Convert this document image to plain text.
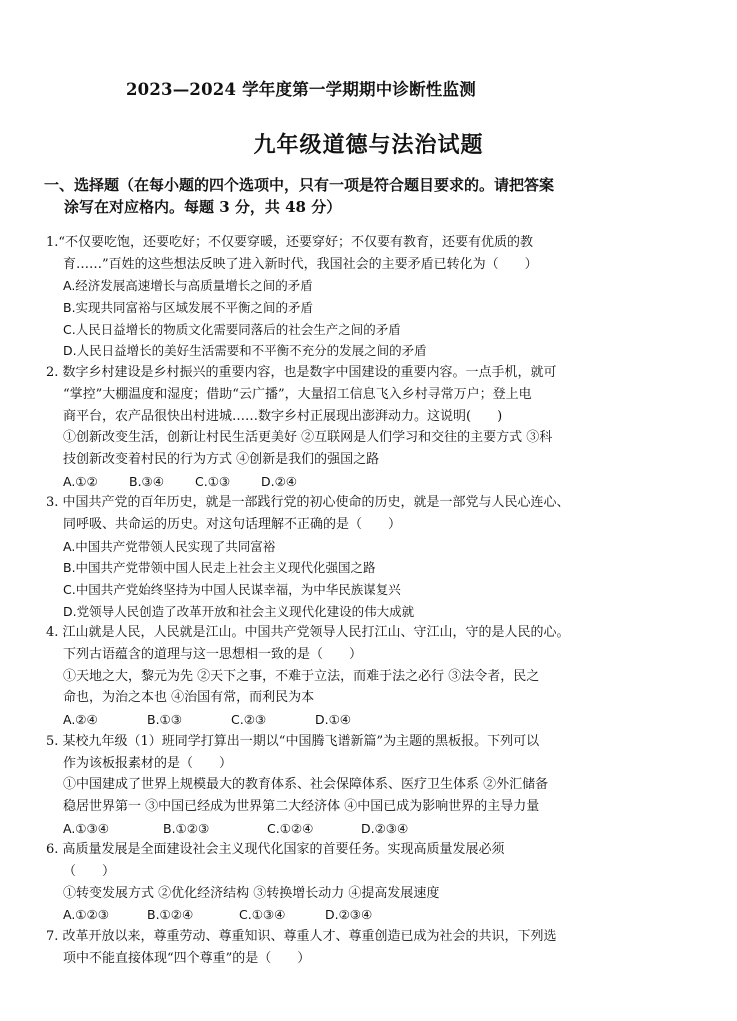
2023—2024 学年度第一学期期中诊断性监测
九年级道德与法治试题
一、选择题（在每小题的四个选项中，只有一项是符合题目要求的。请把答案
涂写在对应格内。每题 3 分，共 48 分）
1.“不仅要吃饱，还要吃好；不仅要穿暖，还要穿好；不仅要有教育，还要有优质的教
育……”百姓的这些想法反映了进入新时代，我国社会的主要矛盾已转化为（　　）
A.经济发展高速增长与高质量增长之间的矛盾
B.实现共同富裕与区域发展不平衡之间的矛盾
C.人民日益增长的物质文化需要同落后的社会生产之间的矛盾
D.人民日益增长的美好生活需要和不平衡不充分的发展之间的矛盾
2. 数字乡村建设是乡村振兴的重要内容，也是数字中国建设的重要内容。一点手机，就可
“掌控”大棚温度和湿度；借助“云广播”，大量招工信息飞入乡村寻常万户；登上电
商平台，农产品很快出村进城……数字乡村正展现出澎湃动力。这说明(　　)
①创新改变生活，创新让村民生活更美好 ②互联网是人们学习和交往的主要方式 ③科
技创新改变着村民的行为方式 ④创新是我们的强国之路
A.①②	B.③④	C.①③	D.②④
3. 中国共产党的百年历史，就是一部践行党的初心使命的历史，就是一部党与人民心连心、
同呼吸、共命运的历史。对这句话理解不正确的是（　　）
A.中国共产党带领人民实现了共同富裕
B.中国共产党带领中国人民走上社会主义现代化强国之路
C.中国共产党始终坚持为中国人民谋幸福，为中华民族谋复兴
D.党领导人民创造了改革开放和社会主义现代化建设的伟大成就
4. 江山就是人民，人民就是江山。中国共产党领导人民打江山、守江山，守的是人民的心。
下列古语蕴含的道理与这一思想相一致的是（　　）
①天地之大，黎元为先 ②天下之事，不难于立法，而难于法之必行 ③法令者，民之
命也，为治之本也 ④治国有常，而利民为本
A.②④	B.①③	C.②③	D.①④
5. 某校九年级（1）班同学打算出一期以“中国腾飞谱新篇”为主题的黑板报。下列可以
作为该板报素材的是（　　）
①中国建成了世界上规模最大的教育体系、社会保障体系、医疗卫生体系 ②外汇储备
稳居世界第一 ③中国已经成为世界第二大经济体 ④中国已成为影响世界的主导力量
A.①③④	B.①②③	C.①②④	D.②③④
6. 高质量发展是全面建设社会主义现代化国家的首要任务。实现高质量发展必须
（　　）
①转变发展方式 ②优化经济结构 ③转换增长动力 ④提高发展速度
A.①②③	B.①②④	C.①③④	D.②③④
7. 改革开放以来，尊重劳动、尊重知识、尊重人才、尊重创造已成为社会的共识，下列选
项中不能直接体现“四个尊重”的是（　　）
